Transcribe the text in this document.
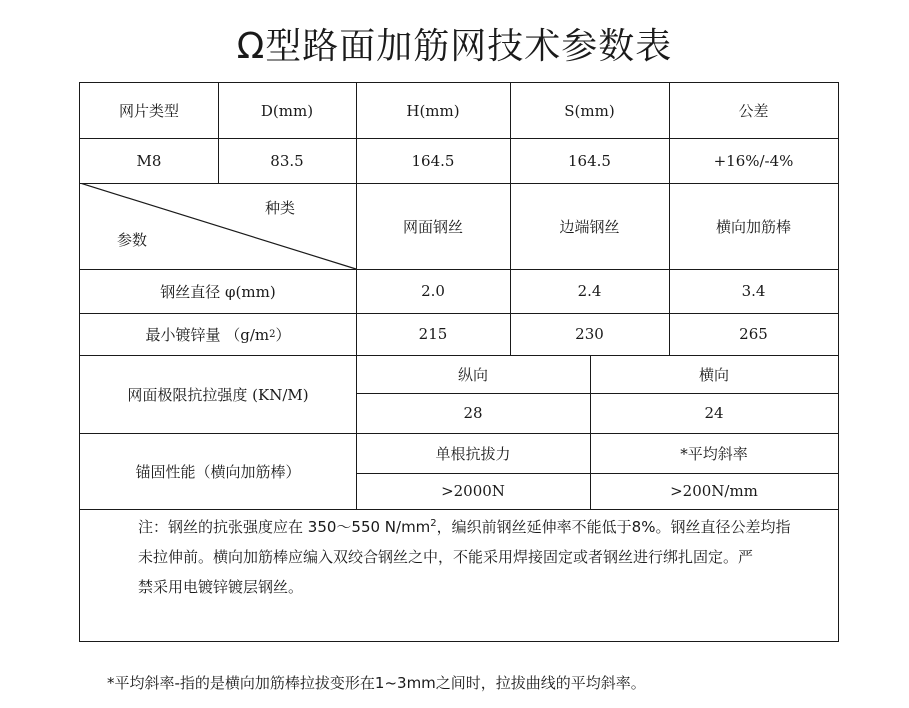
Ω型路面加筋网技术参数表
网片类型	D(mm)	H(mm)	S(mm)	公差
M8	83.5	164.5	164.5	+16%/-4%
种类
参数
网面钢丝	边端钢丝	横向加筋棒
钢丝直径 φ(mm)	2.0	2.4	3.4
最小镀锌量 （g/m 2 ）	215	230	265
网面极限抗拉强度 (KN/M)
纵向	横向
28	24
锚固性能（横向加筋棒）
单根抗拔力	*平均斜率
>2000N	>200N/mm

注：钢丝的抗张强度应在 350～550 $N/mm^2$，编织前钢丝延伸率不能低于8%。钢丝直径公差均指

未拉伸前。横向加筋棒应编入双绞合钢丝之中，不能采用焊接固定或者钢丝进行绑扎固定。严

禁采用电镀锌镀层钢丝。

*平均斜率-指的是横向加筋棒拉拔变形在1~3mm之间时，拉拔曲线的平均斜率。
